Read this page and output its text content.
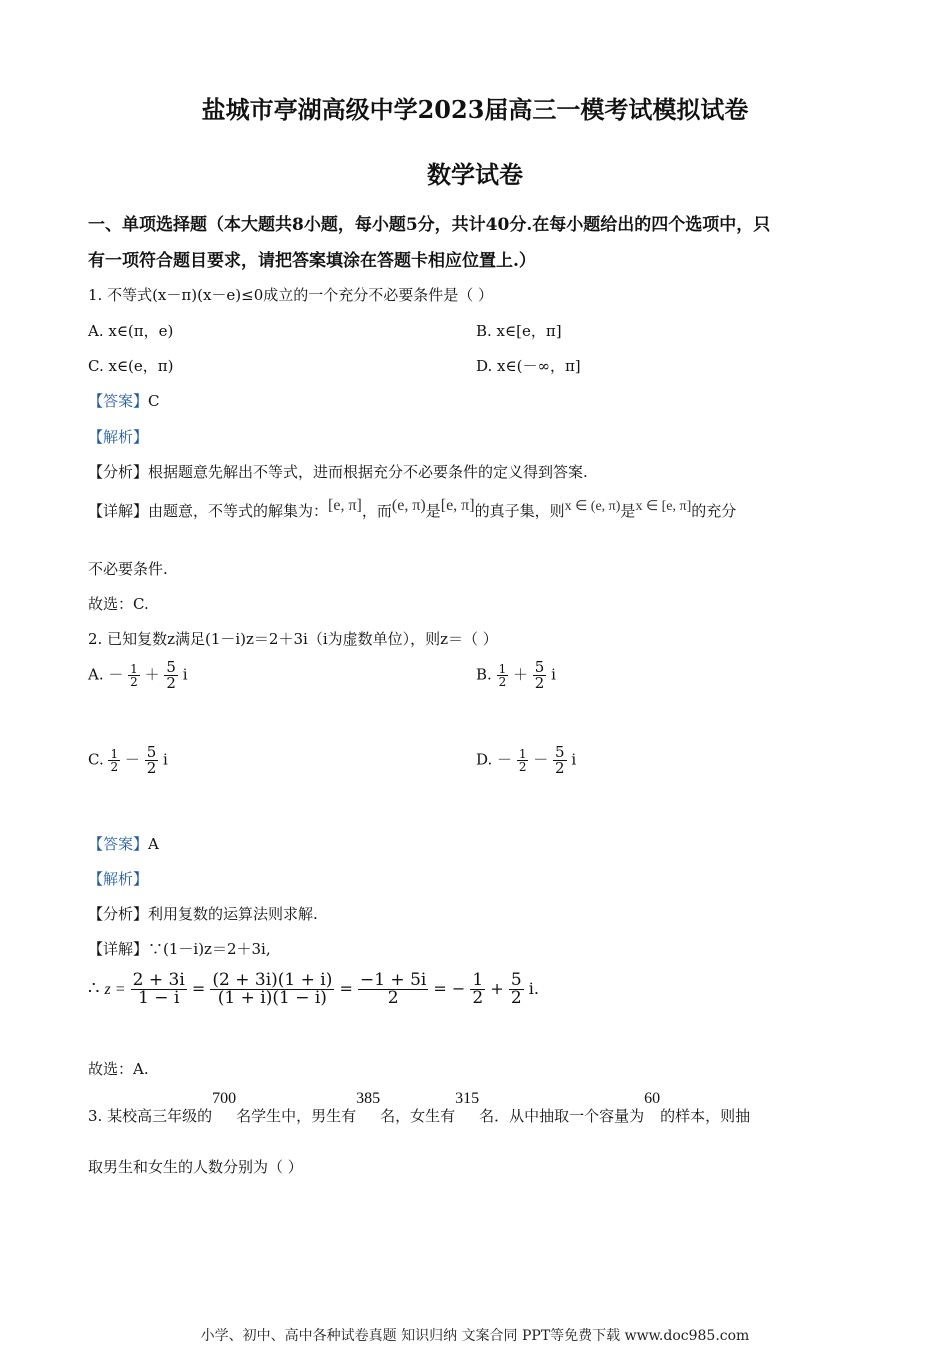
盐城市亭湖高级中学2023届高三一模考试模拟试卷
数学试卷
一、单项选择题（本大题共8小题，每小题5分，共计40分.在每小题给出的四个选项中，只
有一项符合题目要求，请把答案填涂在答题卡相应位置上.）
1. 不等式(x－π)(x－e)≤0成立的一个充分不必要条件是（ ）
A. x∈(π，e)	B. x∈[e，π]
C. x∈(e，π)	D. x∈(－∞，π]
【答案】C
【解析】
【分析】根据题意先解出不等式，进而根据充分不必要条件的定义得到答案.
【详解】由题意，不等式的解集为：[e, π]，而(e, π)是[e, π]的真子集，则x ∈ (e, π)是x ∈ [e, π]的充分
不必要条件.
故选：C.
2. 已知复数z满足(1－i)z＝2＋3i（i为虚数单位），则z＝（ ）
A. － $\frac{1}{2} + \frac{5}{2}$ i	B. $\frac{1}{2} + \frac{5}{2}$ i
C. $\frac{1}{2} - \frac{5}{2}$ i	D. － $\frac{1}{2} - \frac{5}{2}$ i
【答案】A
【解析】
【分析】利用复数的运算法则求解.
【详解】∵(1－i)z＝2＋3i,
∴ $z = \frac{2 + 3i}{1 - i} = \frac{(2 + 3i)(1 + i)}{(1 + i)(1 - i)} = \frac{-1 + 5i}{2}$ = − $\frac{1}{2} + \frac{5}{2} i$.
故选：A.
3. 某校高三年级的700名学生中，男生有385名，女生有315名．从中抽取一个容量为60的样本，则抽
取男生和女生的人数分别为（ ）
小学、初中、高中各种试卷真题 知识归纳 文案合同 PPT等免费下载 www.doc985.com
